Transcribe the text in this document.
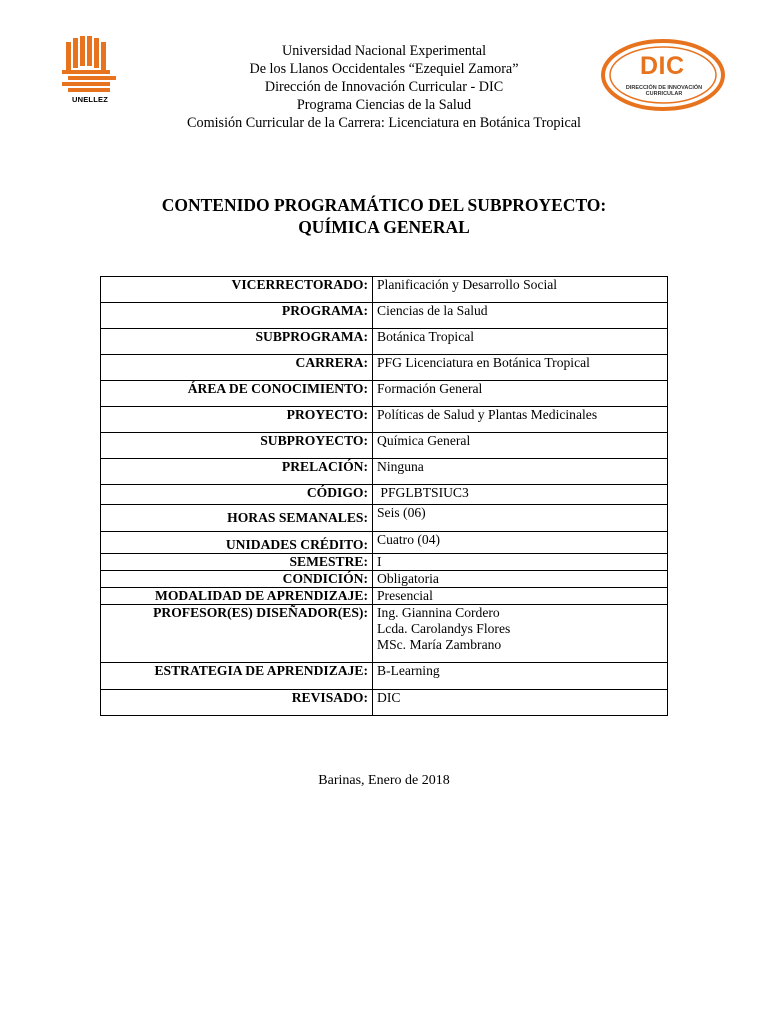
UNELLEZ
DIC
DIRECCIÓN DE INNOVACIÓN CURRICULAR
Universidad Nacional Experimental
De los Llanos Occidentales “Ezequiel Zamora”
Dirección de Innovación Curricular - DIC
Programa Ciencias de la Salud
Comisión Curricular de la Carrera: Licenciatura en Botánica Tropical
CONTENIDO PROGRAMÁTICO DEL SUBPROYECTO:
QUÍMICA GENERAL
VICERRECTORADO:	Planificación y Desarrollo Social
PROGRAMA:	Ciencias de la Salud
SUBPROGRAMA:	Botánica Tropical
CARRERA:	PFG Licenciatura en Botánica Tropical
ÁREA DE CONOCIMIENTO:	Formación General
PROYECTO:	Políticas de Salud y Plantas Medicinales
SUBPROYECTO:	Química General
PRELACIÓN:	Ninguna
CÓDIGO:	PFGLBTSIUC3
HORAS SEMANALES:	Seis (06)
UNIDADES CRÉDITO:	Cuatro (04)
SEMESTRE:	I
CONDICIÓN:	Obligatoria
MODALIDAD DE APRENDIZAJE:	Presencial
PROFESOR(ES) DISEÑADOR(ES):	Ing. Giannina Cordero
Lcda. Carolandys Flores
MSc. María Zambrano

ESTRATEGIA DE APRENDIZAJE:	B-Learning
REVISADO:	DIC
Barinas, Enero de 2018
